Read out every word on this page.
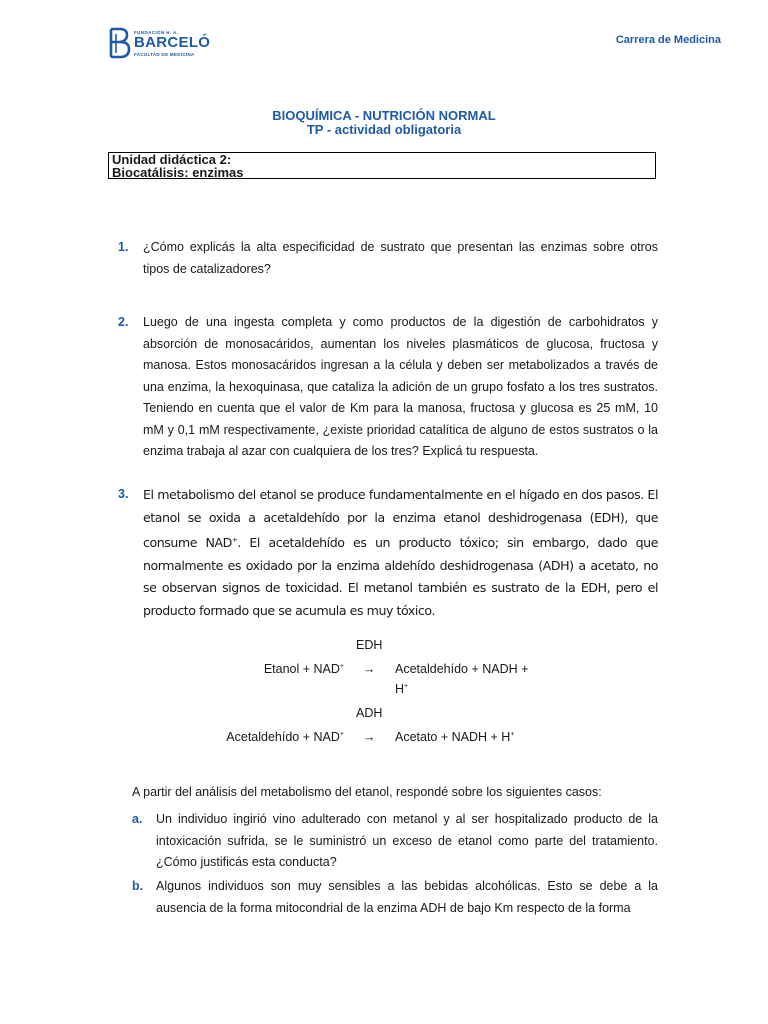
FUNDACIÓN H. A.
BARCELÓ
FACULTAD DE MEDICINA
Carrera de Medicina
BIOQUÍMICA - NUTRICIÓN NORMAL
TP - actividad obligatoria
Unidad didáctica 2:
Biocatálisis: enzimas
1. ¿Cómo explicás la alta especificidad de sustrato que presentan las enzimas sobre otros tipos de catalizadores?
2. Luego de una ingesta completa y como productos de la digestión de carbohidratos y absorción de monosacáridos, aumentan los niveles plasmáticos de glucosa, fructosa y manosa. Estos monosacáridos ingresan a la célula y deben ser metabolizados a través de una enzima, la hexoquinasa, que cataliza la adición de un grupo fosfato a los tres sustratos. Teniendo en cuenta que el valor de Km para la manosa, fructosa y glucosa es 25 mM, 10 mM y 0,1 mM respectivamente, ¿existe prioridad catalítica de alguno de estos sustratos o la enzima trabaja al azar con cualquiera de los tres? Explicá tu respuesta.
3. El metabolismo del etanol se produce fundamentalmente en el hígado en dos pasos. El etanol se oxida a acetaldehído por la enzima etanol deshidrogenasa (EDH), que consume NAD+. El acetaldehído es un producto tóxico; sin embargo, dado que normalmente es oxidado por la enzima aldehído deshidrogenasa (ADH) a acetato, no se observan signos de toxicidad. El metanol también es sustrato de la EDH, pero el producto formado que se acumula es muy tóxico.
EDH
Etanol + NAD+ → Acetaldehído + NADH +
H+
ADH
Acetaldehído + NAD+ → Acetato + NADH + H+
A partir del análisis del metabolismo del etanol, respondé sobre los siguientes casos:
a. Un individuo ingirió vino adulterado con metanol y al ser hospitalizado producto de la intoxicación sufrida, se le suministró un exceso de etanol como parte del tratamiento. ¿Cómo justificás esta conducta?
b. Algunos individuos son muy sensibles a las bebidas alcohólicas. Esto se debe a la ausencia de la forma mitocondrial de la enzima ADH de bajo Km respecto de la forma
